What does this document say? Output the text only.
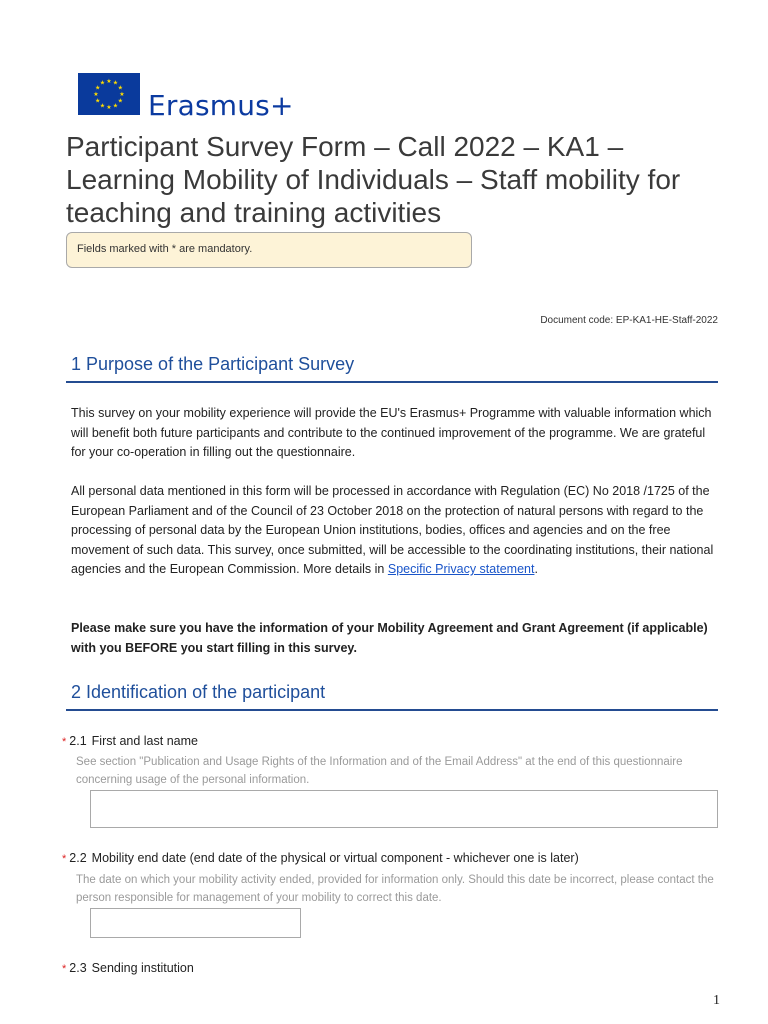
★ ★
★
★
★
★
★
★
★
★
★
★
Erasmus+
Participant Survey Form – Call 2022 – KA1 – Learning Mobility of Individuals – Staff mobility for teaching and training activities
Fields marked with * are mandatory.
Document code: EP-KA1-HE-Staff-2022
1 Purpose of the Participant Survey

This survey on your mobility experience will provide the EU's Erasmus+ Programme with valuable information which will benefit both future participants and contribute to the continued improvement of the programme. We are grateful for your co-operation in filling out the questionnaire.

All personal data mentioned in this form will be processed in accordance with Regulation (EC) No 2018 /1725 of the European Parliament and of the Council of 23 October 2018 on the protection of natural persons with regard to the processing of personal data by the European Union institutions, bodies, offices and agencies and on the free movement of such data. This survey, once submitted, will be accessible to the coordinating institutions, their national agencies and the European Commission. More details in Specific Privacy statement.

Please make sure you have the information of your Mobility Agreement and Grant Agreement (if applicable) with you BEFORE you start filling in this survey.

2 Identification of the participant
* 2.1 First and last name

See section "Publication and Usage Rights of the Information and of the Email Address" at the end of this questionnaire concerning usage of the personal information.

* 2.2 Mobility end date (end date of the physical or virtual component - whichever one is later)

The date on which your mobility activity ended, provided for information only. Should this date be incorrect, please contact the person responsible for management of your mobility to correct this date.

* 2.3 Sending institution
1
